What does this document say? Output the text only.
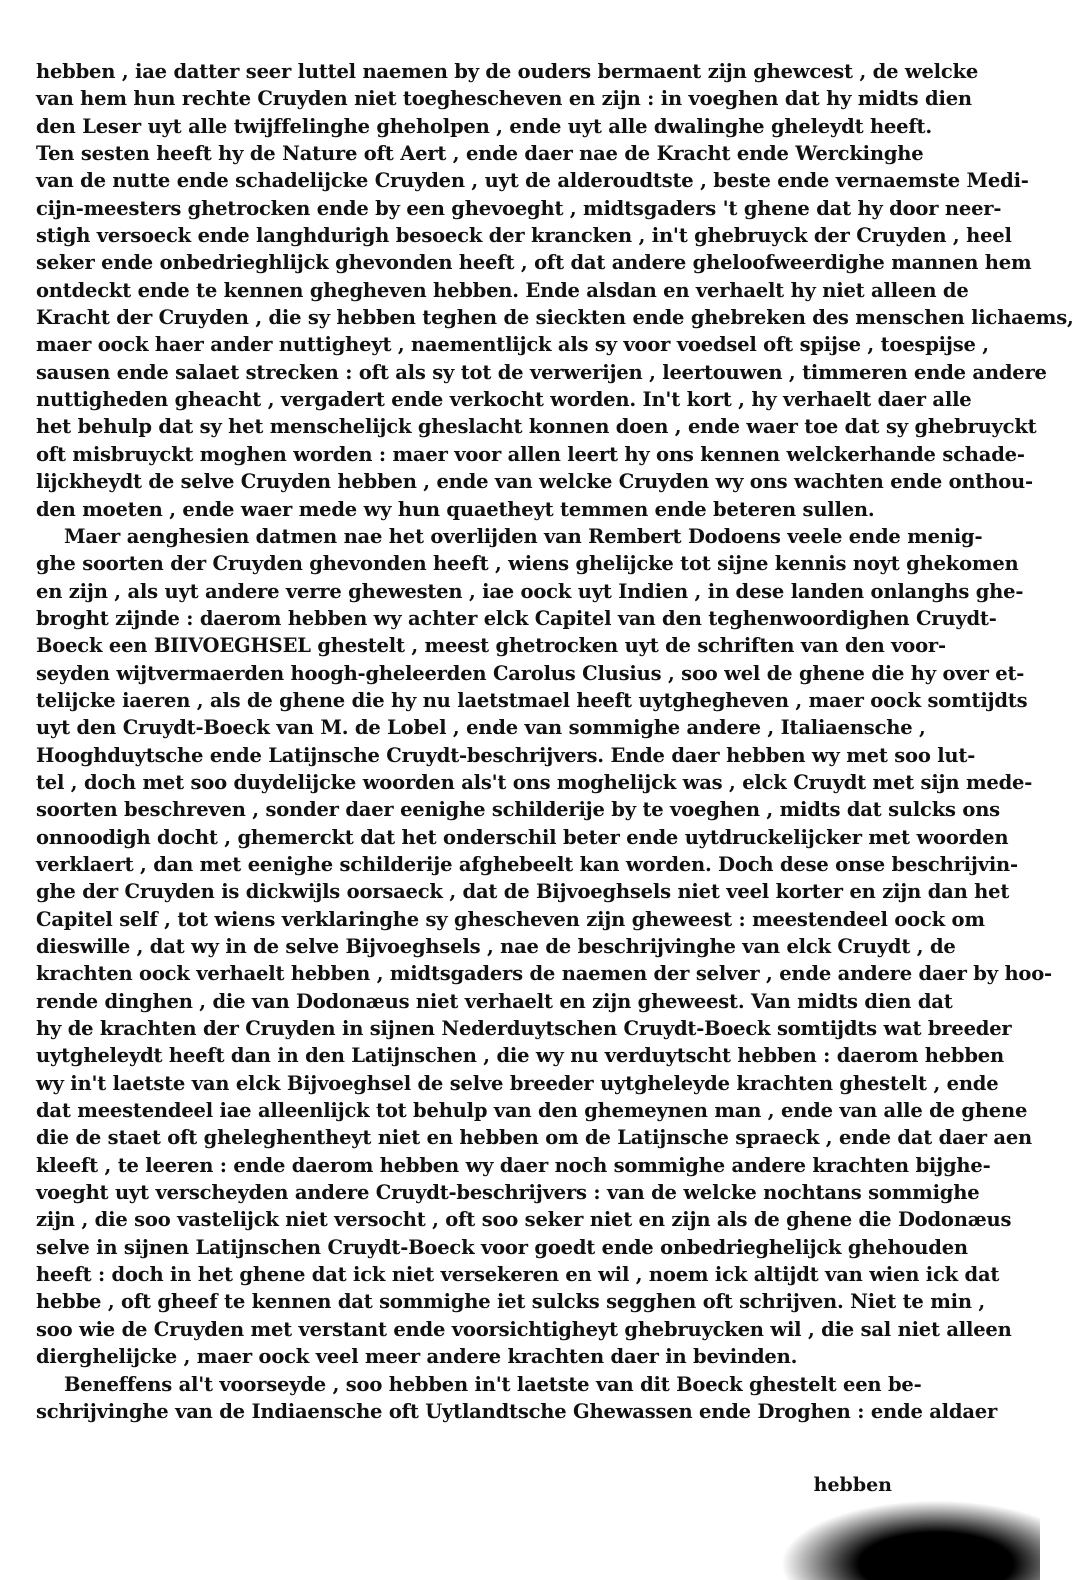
hebben , iae datter seer luttel naemen by de ouders bermaent zijn ghewcest , de welcke
van hem hun rechte Cruyden niet toeghescheven en zijn : in voeghen dat hy midts dien
den Leser uyt alle twijffelinghe gheholpen , ende uyt alle dwalinghe gheleydt heeft.
Ten sesten heeft hy de Nature oft Aert , ende daer nae de Kracht ende Werckinghe
van de nutte ende schadelijcke Cruyden , uyt de alderoudtste , beste ende vernaemste Medi-
cijn-meesters ghetrocken ende by een ghevoeght , midtsgaders 't ghene dat hy door neer-
stigh versoeck ende langhdurigh besoeck der krancken , in't ghebruyck der Cruyden , heel
seker ende onbedrieghlijck ghevonden heeft , oft dat andere gheloofweerdighe mannen hem
ontdeckt ende te kennen ghegheven hebben. Ende alsdan en verhaelt hy niet alleen de
Kracht der Cruyden , die sy hebben teghen de sieckten ende ghebreken des menschen lichaems,
maer oock haer ander nuttigheyt , naementlijck als sy voor voedsel oft spijse , toespijse ,
sausen ende salaet strecken : oft als sy tot de verwerijen , leertouwen , timmeren ende andere
nuttigheden gheacht , vergadert ende verkocht worden. In't kort , hy verhaelt daer alle
het behulp dat sy het menschelijck gheslacht konnen doen , ende waer toe dat sy ghebruyckt
oft misbruyckt moghen worden : maer voor allen leert hy ons kennen welckerhande schade-
lijckheydt de selve Cruyden hebben , ende van welcke Cruyden wy ons wachten ende onthou-
den moeten , ende waer mede wy hun quaetheyt temmen ende beteren sullen.
Maer aenghesien datmen nae het overlijden van Rembert Dodoens veele ende menig-
ghe soorten der Cruyden ghevonden heeft , wiens ghelijcke tot sijne kennis noyt ghekomen
en zijn , als uyt andere verre ghewesten , iae oock uyt Indien , in dese landen onlanghs ghe-
broght zijnde : daerom hebben wy achter elck Capitel van den teghenwoordighen Cruydt-
Boeck een BIIVOEGHSEL ghestelt , meest ghetrocken uyt de schriften van den voor-
seyden wijtvermaerden hoogh-gheleerden Carolus Clusius , soo wel de ghene die hy over et-
telijcke iaeren , als de ghene die hy nu laetstmael heeft uytghegheven , maer oock somtijdts
uyt den Cruydt-Boeck van M. de Lobel , ende van sommighe andere , Italiaensche ,
Hooghduytsche ende Latijnsche Cruydt-beschrijvers. Ende daer hebben wy met soo lut-
tel , doch met soo duydelijcke woorden als't ons moghelijck was , elck Cruydt met sijn mede-
soorten beschreven , sonder daer eenighe schilderije by te voeghen , midts dat sulcks ons
onnoodigh docht , ghemerckt dat het onderschil beter ende uytdruckelijcker met woorden
verklaert , dan met eenighe schilderije afghebeelt kan worden. Doch dese onse beschrijvin-
ghe der Cruyden is dickwijls oorsaeck , dat de Bijvoeghsels niet veel korter en zijn dan het
Capitel self , tot wiens verklaringhe sy ghescheven zijn gheweest : meestendeel oock om
dieswille , dat wy in de selve Bijvoeghsels , nae de beschrijvinghe van elck Cruydt , de
krachten oock verhaelt hebben , midtsgaders de naemen der selver , ende andere daer by hoo-
rende dinghen , die van Dodonæus niet verhaelt en zijn gheweest. Van midts dien dat
hy de krachten der Cruyden in sijnen Nederduytschen Cruydt-Boeck somtijdts wat breeder
uytgheleydt heeft dan in den Latijnschen , die wy nu verduytscht hebben : daerom hebben
wy in't laetste van elck Bijvoeghsel de selve breeder uytgheleyde krachten ghestelt , ende
dat meestendeel iae alleenlijck tot behulp van den ghemeynen man , ende van alle de ghene
die de staet oft gheleghentheyt niet en hebben om de Latijnsche spraeck , ende dat daer aen
kleeft , te leeren : ende daerom hebben wy daer noch sommighe andere krachten bijghe-
voeght uyt verscheyden andere Cruydt-beschrijvers : van de welcke nochtans sommighe
zijn , die soo vastelijck niet versocht , oft soo seker niet en zijn als de ghene die Dodonæus
selve in sijnen Latijnschen Cruydt-Boeck voor goedt ende onbedrieghelijck ghehouden
heeft : doch in het ghene dat ick niet versekeren en wil , noem ick altijdt van wien ick dat
hebbe , oft gheef te kennen dat sommighe iet sulcks segghen oft schrijven. Niet te min ,
soo wie de Cruyden met verstant ende voorsichtigheyt ghebruycken wil , die sal niet alleen
dierghelijcke , maer oock veel meer andere krachten daer in bevinden.
Beneffens al't voorseyde , soo hebben in't laetste van dit Boeck ghestelt een be-
schrijvinghe van de Indiaensche oft Uytlandtsche Ghewassen ende Droghen : ende aldaer
hebben
